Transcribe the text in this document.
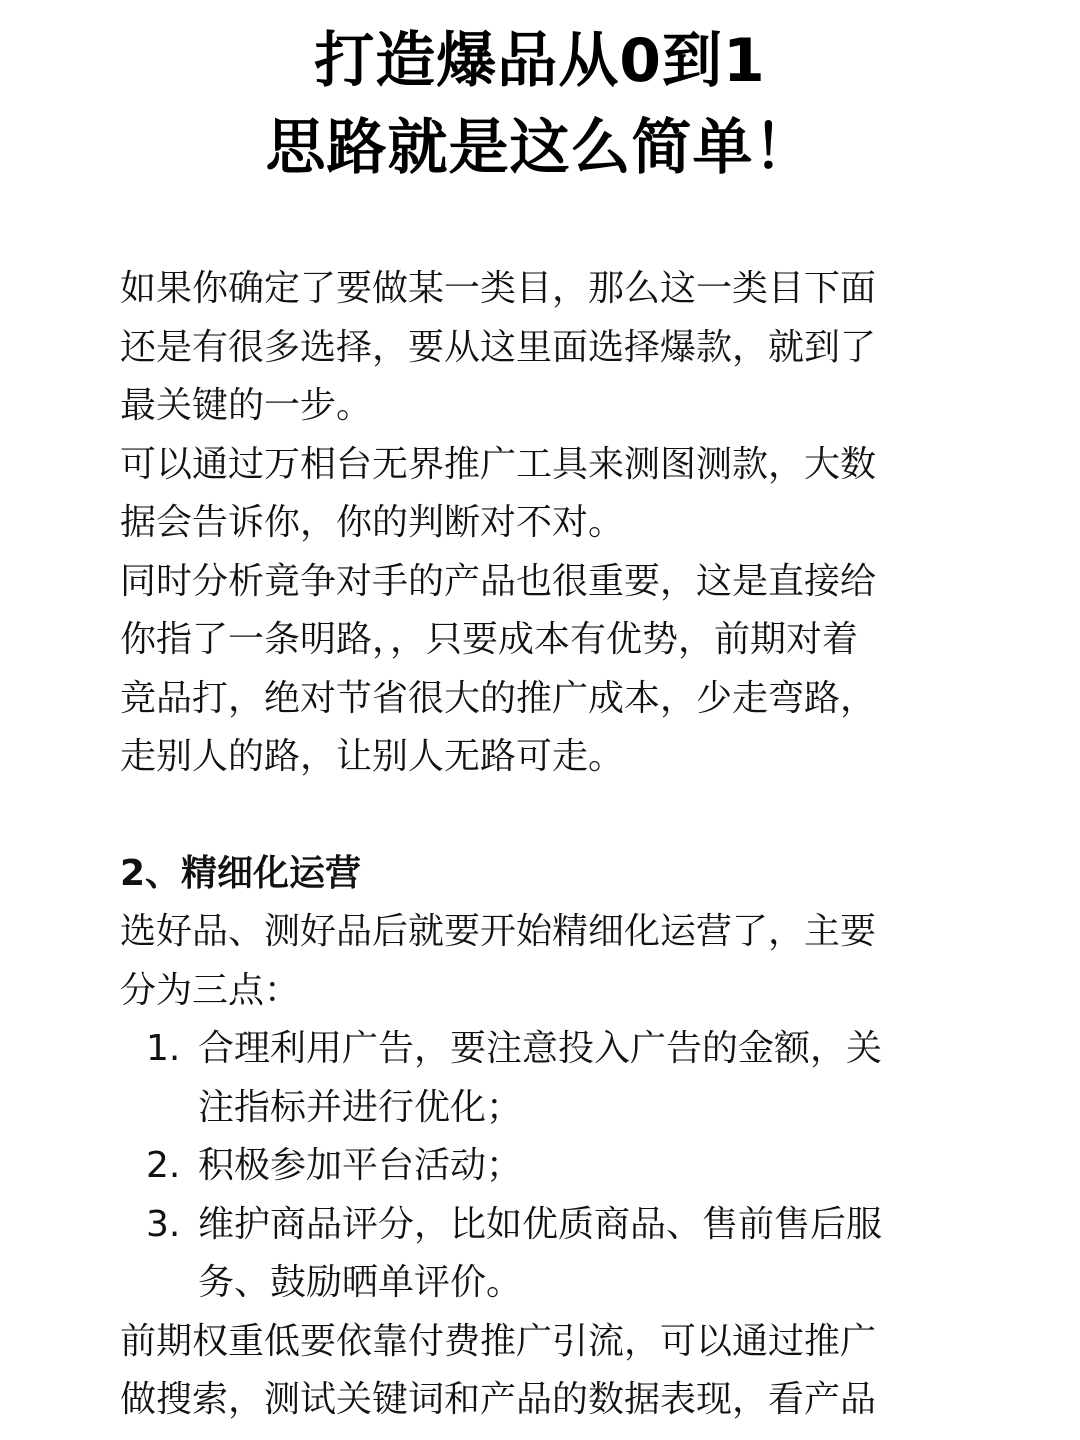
打造爆品从0到1
思路就是这么简单！

如果你确定了要做某一类目，那么这一类目下面
还是有很多选择，要从这里面选择爆款，就到了
最关键的一步。

可以通过万相台无界推广工具来测图测款，大数
据会告诉你，你的判断对不对。

同时分析竟争对手的产品也很重要，这是直接给
你指了一条明路，，只要成本有优势，前期对着
竞品打，绝对节省很大的推广成本，少走弯路，
走别人的路，让别人无路可走。

2、精细化运营

选好品、测好品后就要开始精细化运营了，主要
分为三点：

1. 合理利用广告，要注意投入广告的金额，关
注指标并进行优化；
2. 积极参加平台活动；
3. 维护商品评分，比如优质商品、售前售后服
务、鼓励晒单评价。

前期权重低要依靠付费推广引流，可以通过推广
做搜索，测试关键词和产品的数据表现，看产品
